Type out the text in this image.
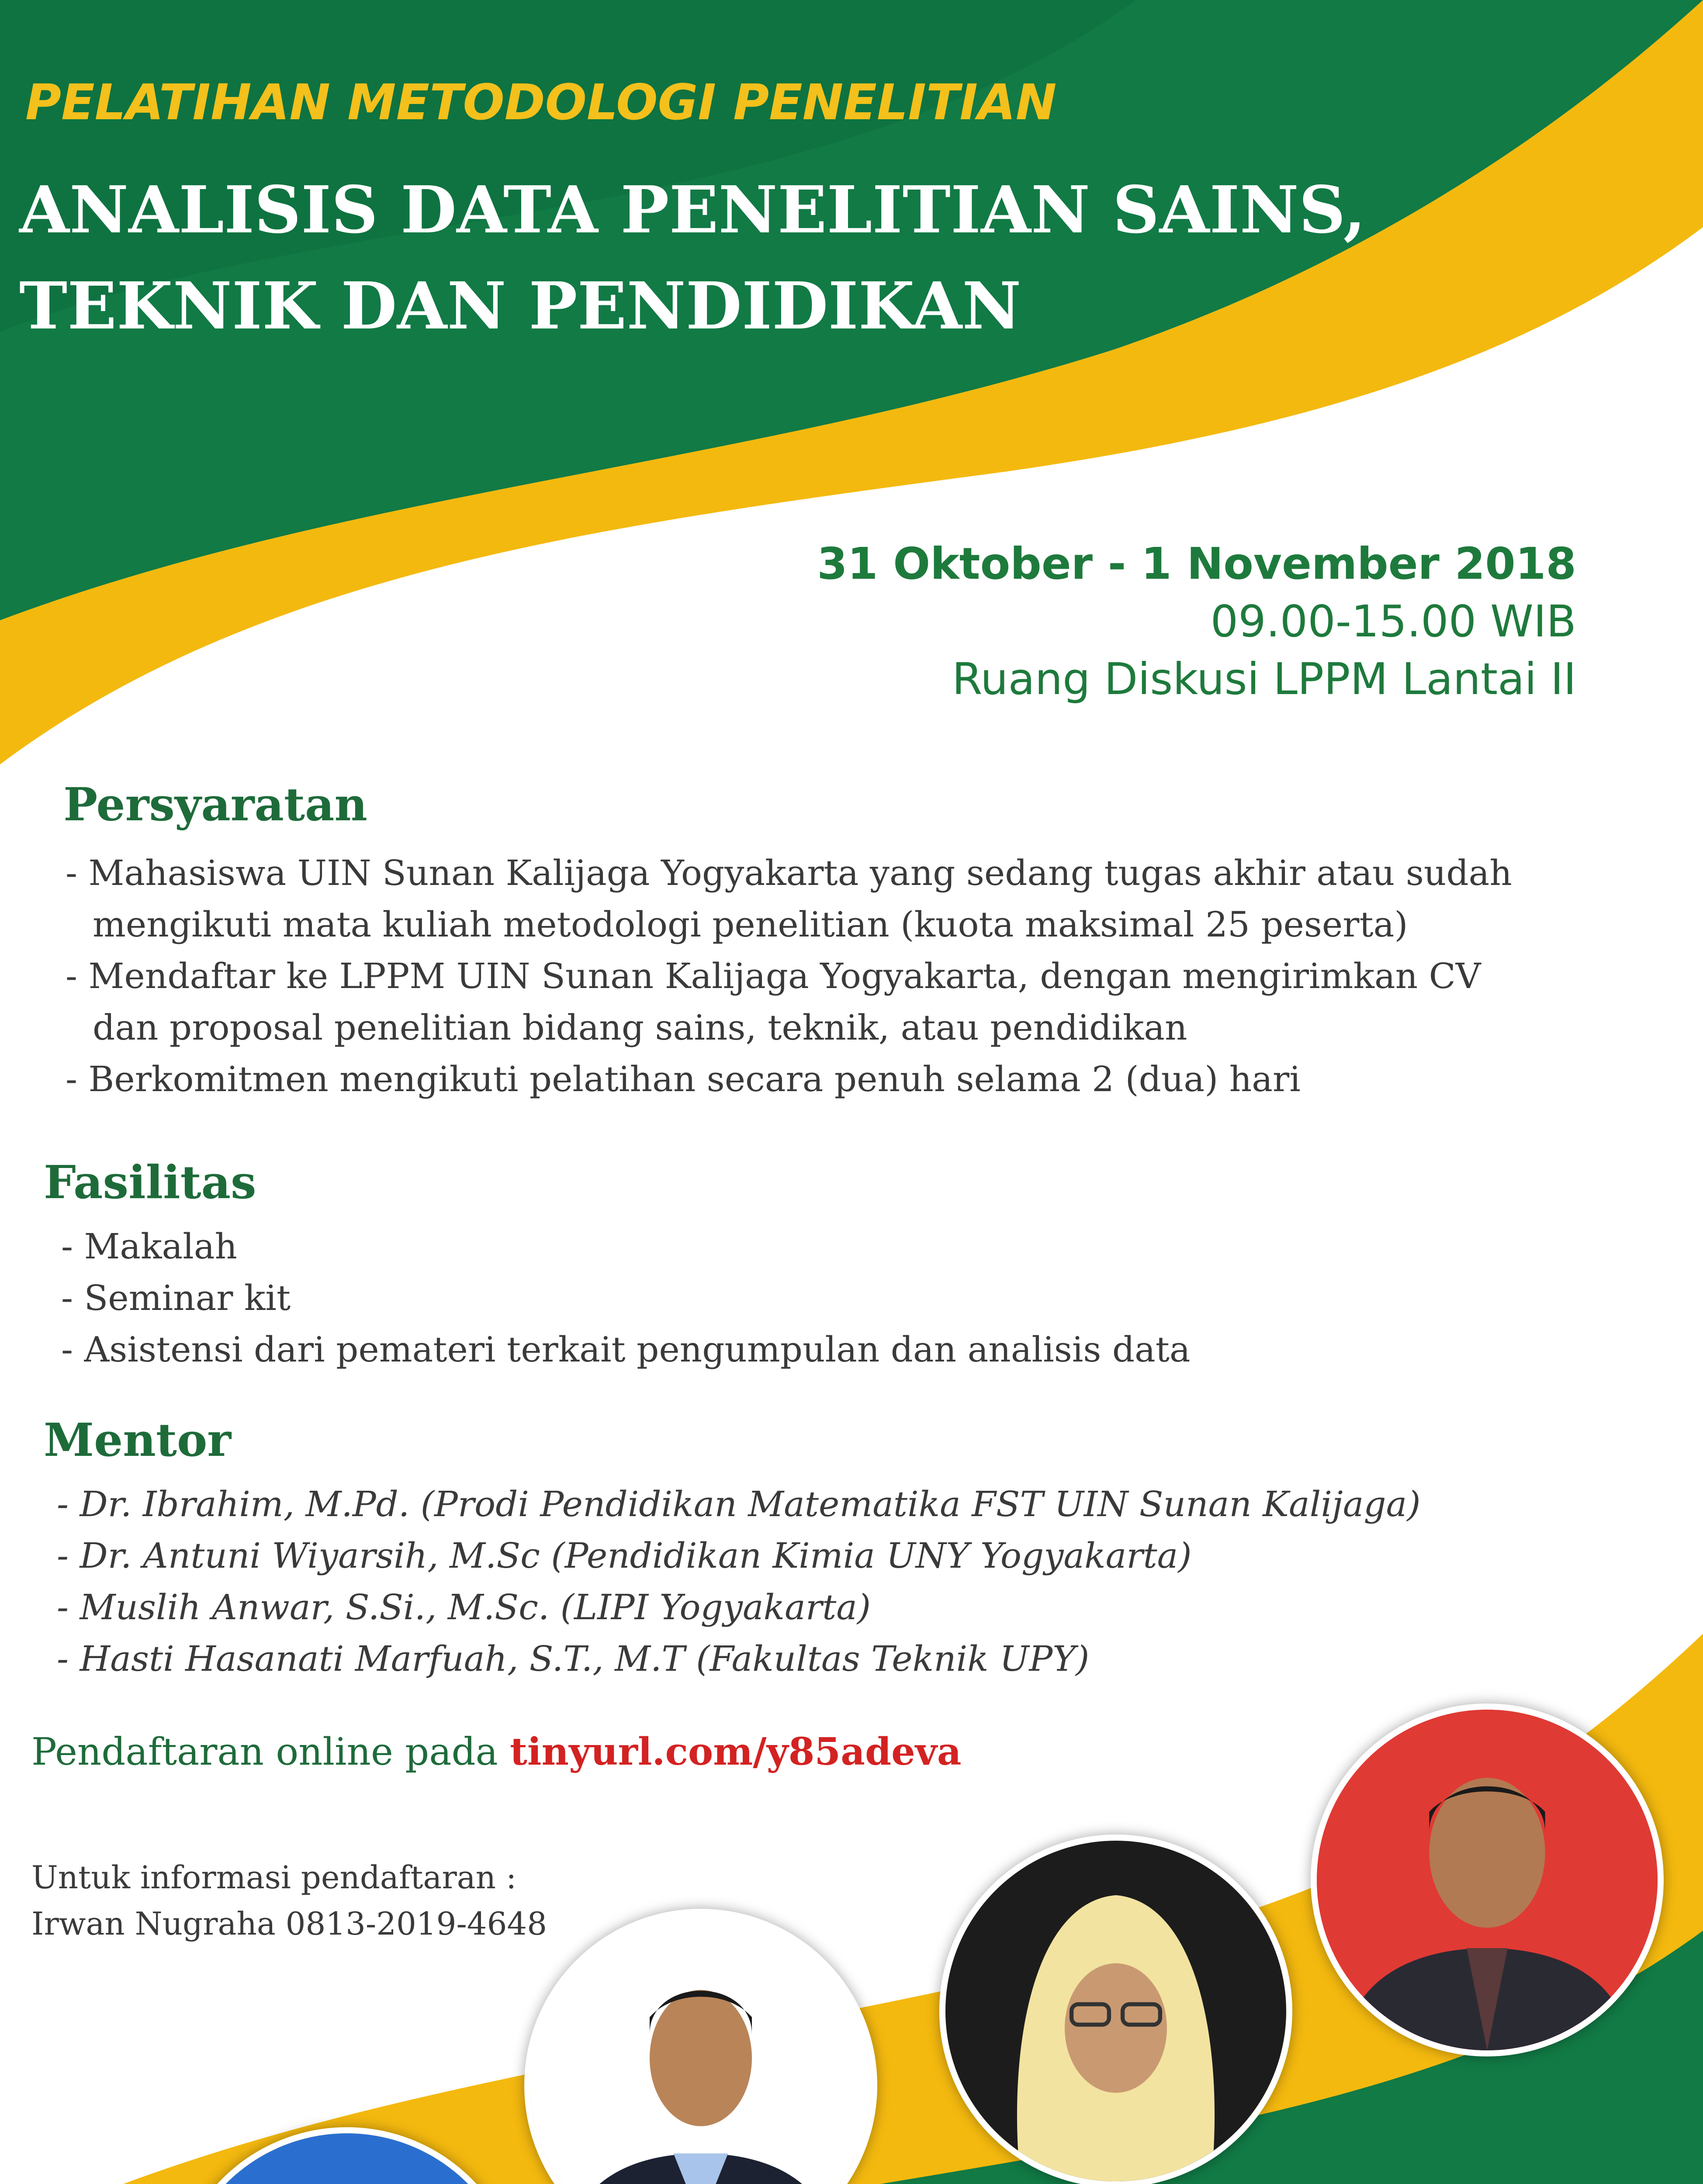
PELATIHAN METODOLOGI PENELITIAN
ANALISIS DATA PENELITIAN SAINS,
TEKNIK DAN PENDIDIKAN
31 Oktober - 1 November 2018
09.00-15.00 WIB
Ruang Diskusi LPPM Lantai II
Persyaratan
- Mahasiswa UIN Sunan Kalijaga Yogyakarta yang sedang tugas akhir atau sudah
mengikuti mata kuliah metodologi penelitian (kuota maksimal 25 peserta)
- Mendaftar ke LPPM UIN Sunan Kalijaga Yogyakarta, dengan mengirimkan CV
dan proposal penelitian bidang sains, teknik, atau pendidikan
- Berkomitmen mengikuti pelatihan secara penuh selama 2 (dua) hari
Fasilitas
- Makalah
- Seminar kit
- Asistensi dari pemateri terkait pengumpulan dan analisis data
Mentor
- Dr. Ibrahim, M.Pd. (Prodi Pendidikan Matematika FST UIN Sunan Kalijaga)
- Dr. Antuni Wiyarsih, M.Sc (Pendidikan Kimia UNY Yogyakarta)
- Muslih Anwar, S.Si., M.Sc. (LIPI Yogyakarta)
- Hasti Hasanati Marfuah, S.T., M.T (Fakultas Teknik UPY)
Pendaftaran online pada tinyurl.com/y85adeva
Untuk informasi pendaftaran :
Irwan Nugraha 0813-2019-4648
